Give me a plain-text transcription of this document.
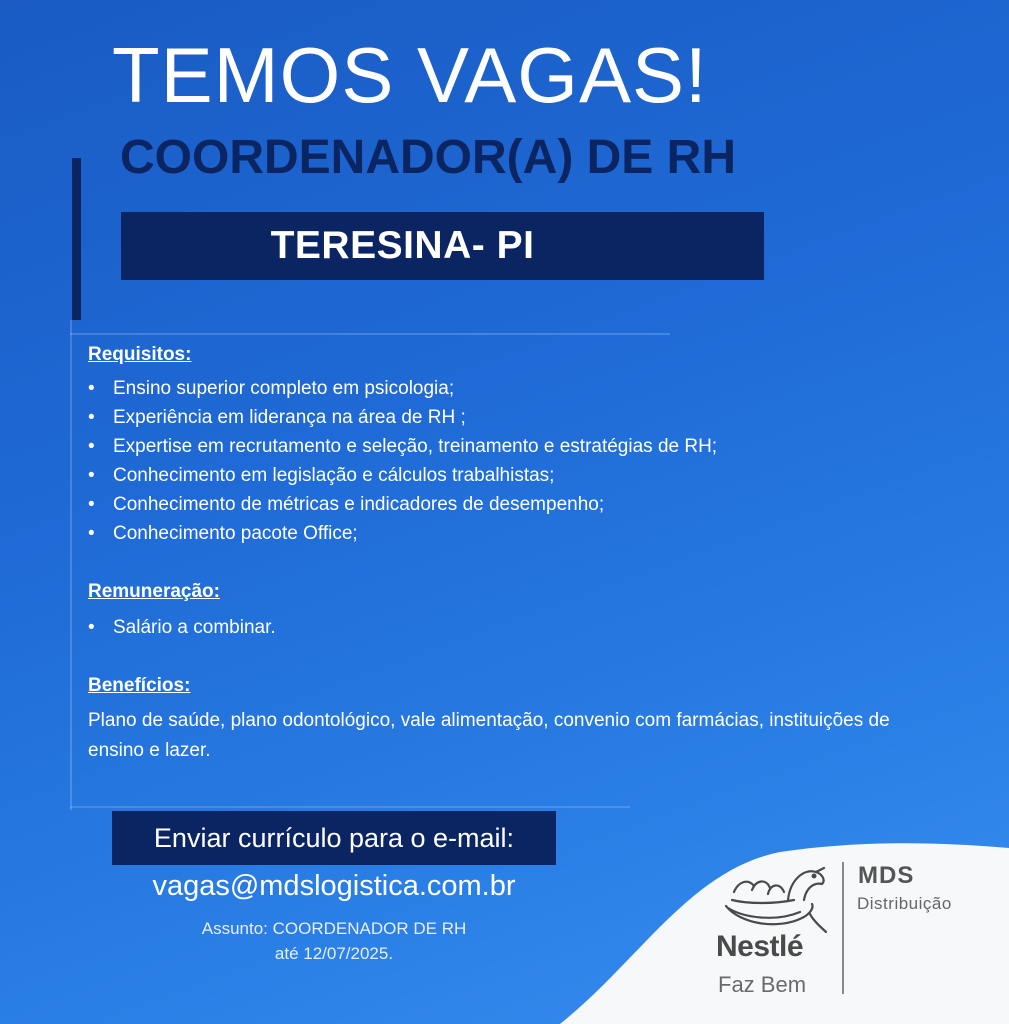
TEMOS VAGAS!
COORDENADOR(A) DE RH
TERESINA- PI
Requisitos:
• Ensino superior completo em psicologia;
• Experiência em liderança na área de RH ;
• Expertise em recrutamento e seleção, treinamento e estratégias de RH;
• Conhecimento em legislação e cálculos trabalhistas;
• Conhecimento de métricas e indicadores de desempenho;
• Conhecimento pacote Office;
Remuneração:
• Salário a combinar.
Benefícios:
Plano de saúde, plano odontológico, vale alimentação, convenio com farmácias, instituições de ensino e lazer.
Enviar currículo para o e-mail:
vagas@mdslogistica.com.br
Assunto: COORDENADOR DE RH
até 12/07/2025.	Nestlé
Faz Bem
MDS
Distribuição
